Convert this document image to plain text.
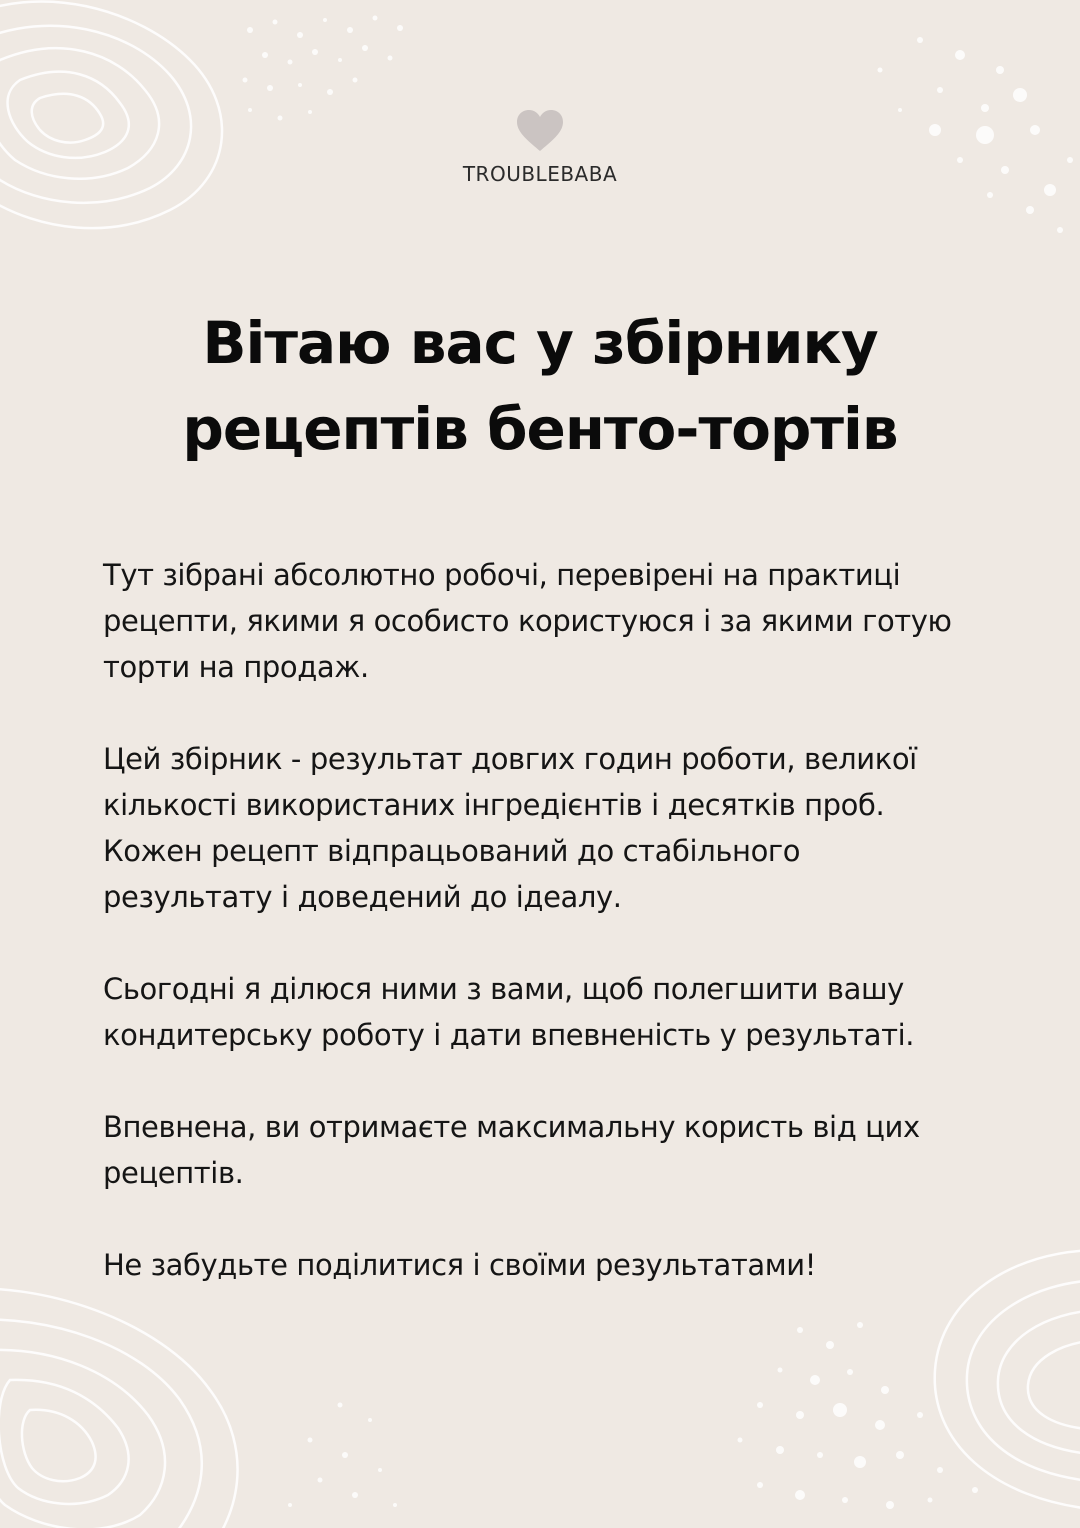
TROUBLEBABA
Вітаю вас у збірнику
рецептів бенто-тортів

Тут зібрані абсолютно робочі, перевірені на практиці
рецепти, якими я особисто користуюся і за якими готую
торти на продаж.

Цей збірник - результат довгих годин роботи, великої
кількості використаних інгредієнтів і десятків проб.
Кожен рецепт відпрацьований до стабільного
результату і доведений до ідеалу.

Сьогодні я ділюся ними з вами, щоб полегшити вашу
кондитерську роботу і дати впевненість у результаті.

Впевнена, ви отримаєте максимальну користь від цих
рецептів.

Не забудьте поділитися і своїми результатами!
